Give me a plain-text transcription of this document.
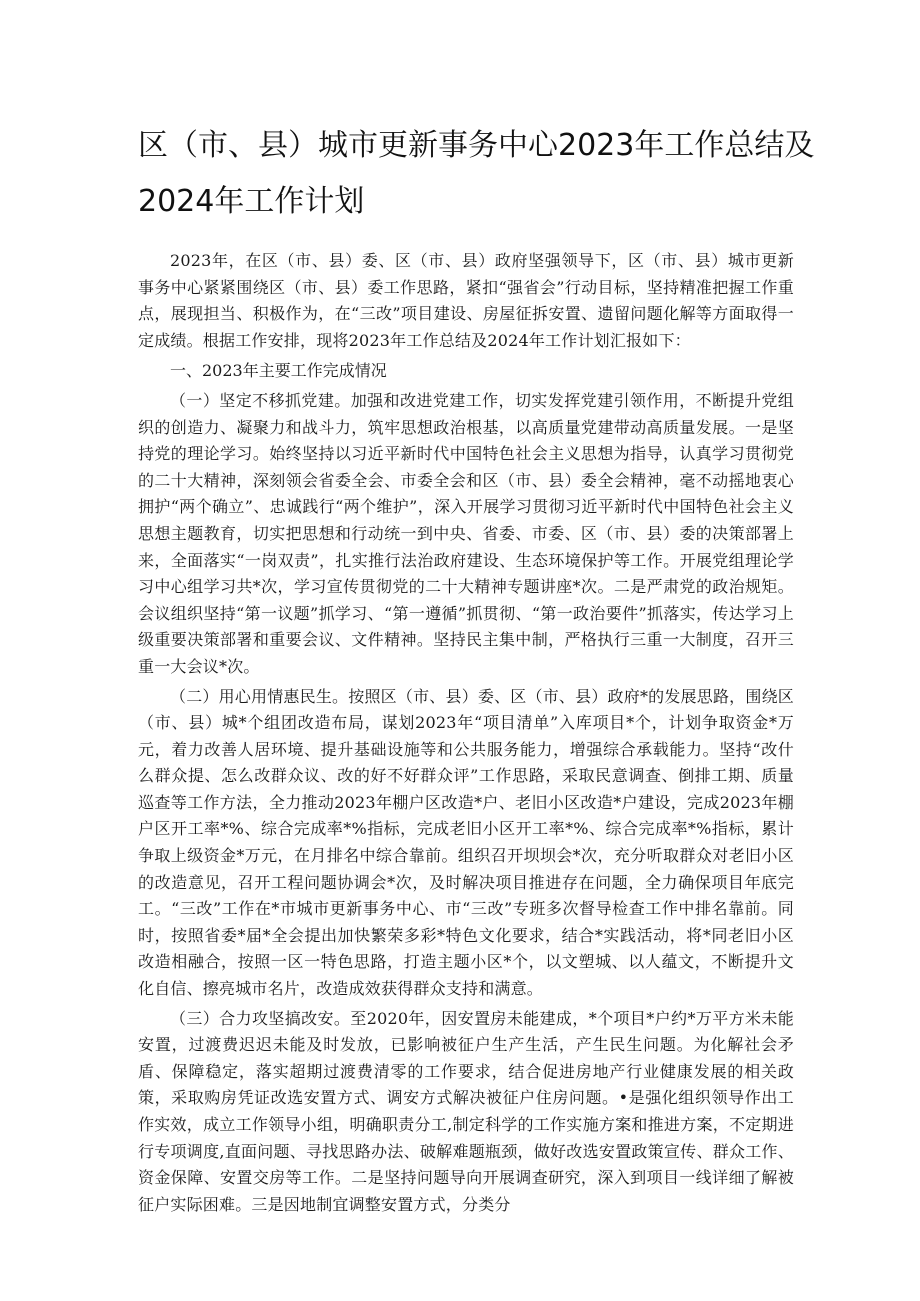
区（市、县）城市更新事务中心2023年工作总结及
2024年工作计划

2023年，在区（市、县）委、区（市、县）政府坚强领导下，区（市、县）城市更新事务中心紧紧围绕区（市、县）委工作思路，紧扣“强省会”行动目标，坚持精准把握工作重点，展现担当、积极作为，在“三改”项目建设、房屋征拆安置、遗留问题化解等方面取得一定成绩。根据工作安排，现将2023年工作总结及2024年工作计划汇报如下：

一、2023年主要工作完成情况

（一）坚定不移抓党建。加强和改进党建工作，切实发挥党建引领作用，不断提升党组织的创造力、凝聚力和战斗力，筑牢思想政治根基，以高质量党建带动高质量发展。一是坚持党的理论学习。始终坚持以习近平新时代中国特色社会主义思想为指导，认真学习贯彻党的二十大精神，深刻领会省委全会、市委全会和区（市、县）委全会精神，毫不动摇地衷心拥护“两个确立”、忠诚践行“两个维护”，深入开展学习贯彻习近平新时代中国特色社会主义思想主题教育，切实把思想和行动统一到中央、省委、市委、区（市、县）委的决策部署上来，全面落实“一岗双责”，扎实推行法治政府建设、生态环境保护等工作。开展党组理论学习中心组学习共*次，学习宣传贯彻党的二十大精神专题讲座*次。二是严肃党的政治规矩。会议组织坚持“第一议题”抓学习、“第一遵循”抓贯彻、“第一政治要件”抓落实，传达学习上级重要决策部署和重要会议、文件精神。坚持民主集中制，严格执行三重一大制度，召开三重一大会议*次。

（二）用心用情惠民生。按照区（市、县）委、区（市、县）政府*的发展思路，围绕区（市、县）城*个组团改造布局，谋划2023年“项目清单”入库项目*个，计划争取资金*万元，着力改善人居环境、提升基础设施等和公共服务能力，增强综合承载能力。坚持“改什么群众提、怎么改群众议、改的好不好群众评”工作思路，采取民意调查、倒排工期、质量巡查等工作方法，全力推动2023年棚户区改造*户、老旧小区改造*户建设，完成2023年棚户区开工率*%、综合完成率*%指标，完成老旧小区开工率*%、综合完成率*%指标，累计争取上级资金*万元，在月排名中综合靠前。组织召开坝坝会*次，充分听取群众对老旧小区的改造意见，召开工程问题协调会*次，及时解决项目推进存在问题，全力确保项目年底完工。“三改”工作在*市城市更新事务中心、市“三改”专班多次督导检查工作中排名靠前。同时，按照省委*届*全会提出加快繁荣多彩*特色文化要求，结合*实践活动，将*同老旧小区改造相融合，按照一区一特色思路，打造主题小区*个，以文塑城、以人蕴文，不断提升文化自信、擦亮城市名片，改造成效获得群众支持和满意。

（三）合力攻坚搞改安。至2020年，因安置房未能建成，*个项目*户约*万平方米未能安置，过渡费迟迟未能及时发放，已影响被征户生产生活，产生民生问题。为化解社会矛盾、保障稳定，落实超期过渡费清零的工作要求，结合促进房地产行业健康发展的相关政策，采取购房凭证改选安置方式、调安方式解决被征户住房问题。•是强化组织领导作出工作实效，成立工作领导小组，明确职责分工,制定科学的工作实施方案和推进方案，不定期进行专项调度,直面问题、寻找思路办法、破解难题瓶颈，做好改选安置政策宣传、群众工作、资金保障、安置交房等工作。二是坚持问题导向开展调查研究，深入到项目一线详细了解被征户实际困难。三是因地制宜调整安置方式，分类分
